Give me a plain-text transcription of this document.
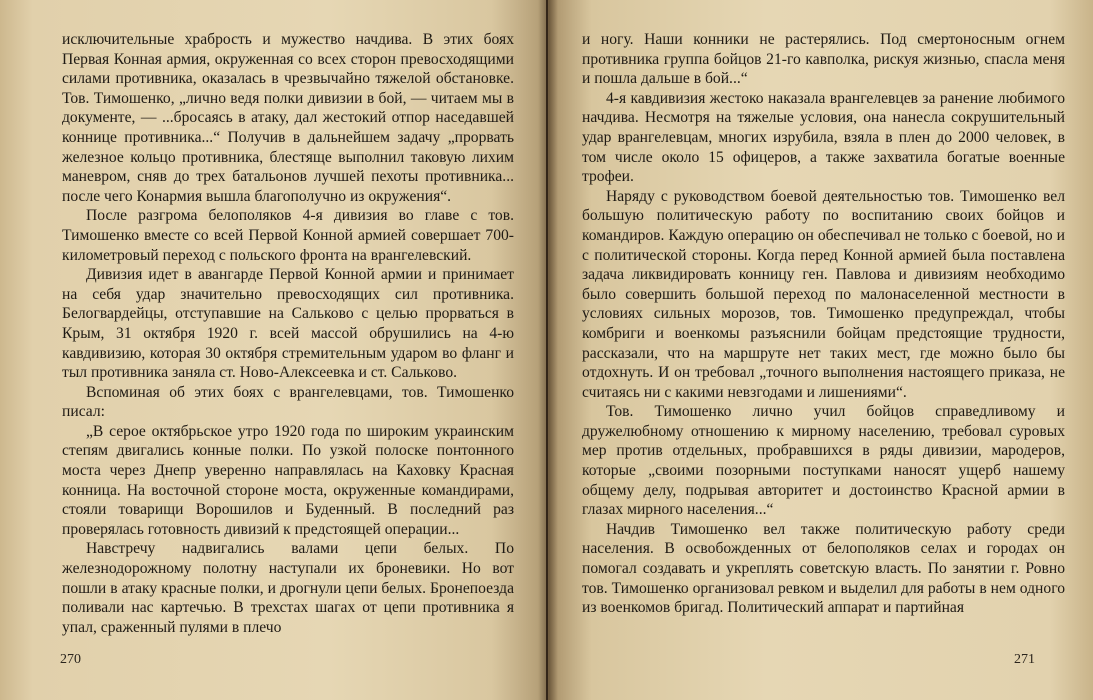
исключительные храбрость и мужество начдива. В этих боях Первая Конная армия, окруженная со всех сторон превосходящими силами противника, оказалась в чрезвычайно тяжелой обстановке. Тов. Тимошенко, „лично ведя полки дивизии в бой, — читаем мы в документе, — ...бросаясь в атаку, дал жестокий отпор наседавшей коннице противника...“ Получив в дальнейшем задачу „прорвать железное кольцо противника, блестяще выполнил таковую лихим маневром, сняв до трех батальонов лучшей пехоты противника... после чего Конармия вышла благополучно из окружения“.

После разгрома белополяков 4-я дивизия во главе с тов. Тимошенко вместе со всей Первой Конной армией совершает 700-километровый переход с польского фронта на врангелевский.

Дивизия идет в авангарде Первой Конной армии и принимает на себя удар значительно превосходящих сил противника. Белогвардейцы, отступавшие на Сальково с целью прорваться в Крым, 31 октября 1920 г. всей массой обрушились на 4-ю кавдивизию, которая 30 октября стремительным ударом во фланг и тыл противника заняла ст. Ново-Алексеевка и ст. Сальково.

Вспоминая об этих боях с врангелевцами, тов. Тимошенко писал:

„В серое октябрьское утро 1920 года по широким украинским степям двигались конные полки. По узкой полоске понтонного моста через Днепр уверенно направлялась на Каховку Красная конница. На восточной стороне моста, окруженные командирами, стояли товарищи Ворошилов и Буденный. В последний раз проверялась готовность дивизий к предстоящей операции...

Навстречу надвигались валами цепи белых. По железнодорожному полотну наступали их броневики. Но вот пошли в атаку красные полки, и дрогнули цепи белых. Бронепоезда поливали нас картечью. В трехстах шагах от цепи противника я упал, сраженный пулями в плечо

270

и ногу. Наши конники не растерялись. Под смертоносным огнем противника группа бойцов 21-го кавполка, рискуя жизнью, спасла меня и пошла дальше в бой...“

4-я кавдивизия жестоко наказала врангелевцев за ранение любимого начдива. Несмотря на тяжелые условия, она нанесла сокрушительный удар врангелевцам, многих изрубила, взяла в плен до 2000 человек, в том числе около 15 офицеров, а также захватила богатые военные трофеи.

Наряду с руководством боевой деятельностью тов. Тимошенко вел большую политическую работу по воспитанию своих бойцов и командиров. Каждую операцию он обеспечивал не только с боевой, но и с политической стороны. Когда перед Конной армией была поставлена задача ликвидировать конницу ген. Павлова и дивизиям необходимо было совершить большой переход по малонаселенной местности в условиях сильных морозов, тов. Тимошенко предупреждал, чтобы комбриги и военкомы разъяснили бойцам предстоящие трудности, рассказали, что на маршруте нет таких мест, где можно было бы отдохнуть. И он требовал „точного выполнения настоящего приказа, не считаясь ни с какими невзгодами и лишениями“.

Тов. Тимошенко лично учил бойцов справедливому и дружелюбному отношению к мирному населению, требовал суровых мер против отдельных, пробравшихся в ряды дивизии, мародеров, которые „своими позорными поступками наносят ущерб нашему общему делу, подрывая авторитет и достоинство Красной армии в глазах мирного населения...“

Начдив Тимошенко вел также политическую работу среди населения. В освобожденных от белополяков селах и городах он помогал создавать и укреплять советскую власть. По занятии г. Ровно тов. Тимошенко организовал ревком и выделил для работы в нем одного из военкомов бригад. Политический аппарат и партийная

271
